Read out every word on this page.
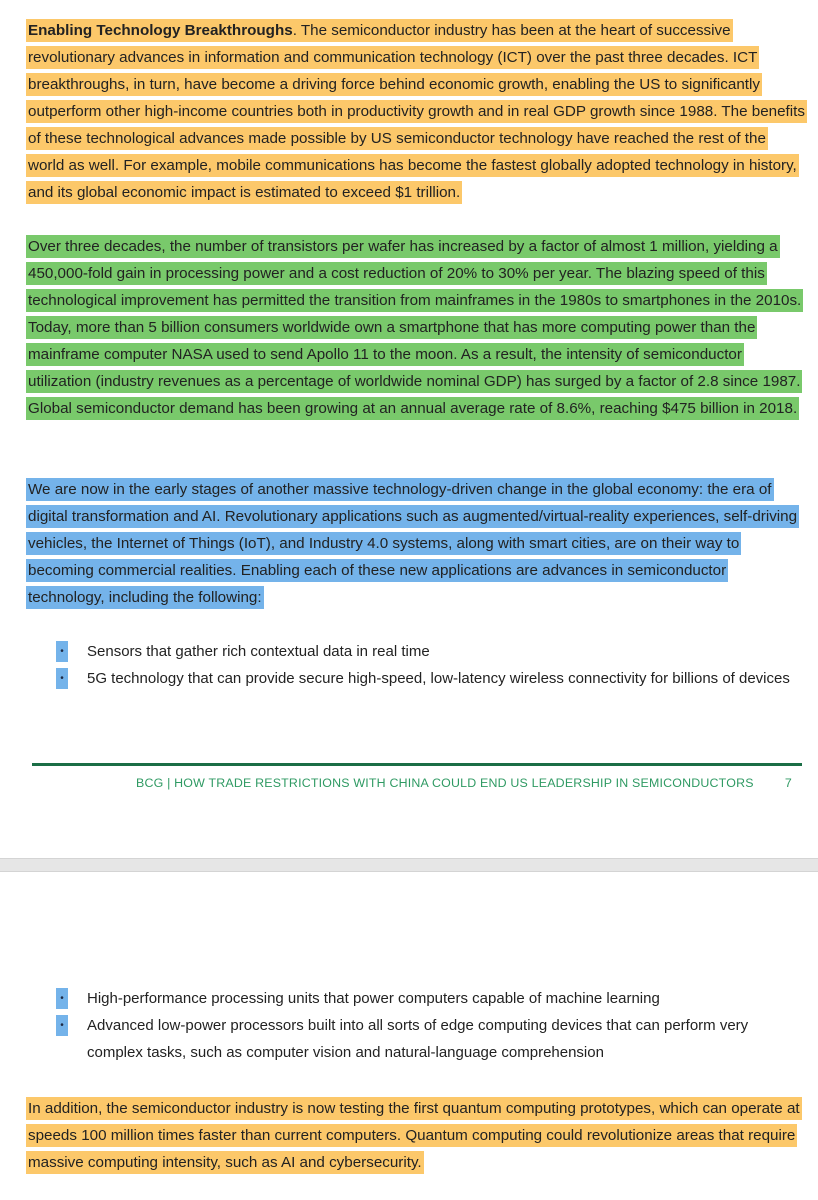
Enabling Technology Breakthroughs. The semiconductor industry has been at the heart of successive revolutionary advances in information and communication technology (ICT) over the past three decades. ICT breakthroughs, in turn, have become a driving force behind economic growth, enabling the US to significantly outperform other high-income countries both in productivity growth and in real GDP growth since 1988. The benefits of these technological advances made possible by US semiconductor technology have reached the rest of the world as well. For example, mobile communications has become the fastest globally adopted technology in history, and its global economic impact is estimated to exceed $1 trillion.

Over three decades, the number of transistors per wafer has increased by a factor of almost 1 million, yielding a 450,000-fold gain in processing power and a cost reduction of 20% to 30% per year. The blazing speed of this technological improvement has permitted the transition from mainframes in the 1980s to smartphones in the 2010s. Today, more than 5 billion consumers worldwide own a smartphone that has more computing power than the mainframe computer NASA used to send Apollo 11 to the moon. As a result, the intensity of semiconductor utilization (industry revenues as a percentage of worldwide nominal GDP) has surged by a factor of 2.8 since 1987. Global semiconductor demand has been growing at an annual average rate of 8.6%, reaching $475 billion in 2018.

We are now in the early stages of another massive technology-driven change in the global economy: the era of digital transformation and AI. Revolutionary applications such as augmented/virtual-reality experiences, self-driving vehicles, the Internet of Things (IoT), and Industry 4.0 systems, along with smart cities, are on their way to becoming commercial realities. Enabling each of these new applications are advances in semiconductor technology, including the following:

• Sensors that gather rich contextual data in real time
• 5G technology that can provide secure high-speed, low-latency wireless connectivity for billions of devices
BCG | HOW TRADE RESTRICTIONS WITH CHINA COULD END US LEADERSHIP IN SEMICONDUCTORS	7
• High-performance processing units that power computers capable of machine learning
• Advanced low-power processors built into all sorts of edge computing devices that can perform very complex tasks, such as computer vision and natural-language comprehension

In addition, the semiconductor industry is now testing the first quantum computing prototypes, which can operate at speeds 100 million times faster than current computers. Quantum computing could revolutionize areas that require massive computing intensity, such as AI and cybersecurity.
